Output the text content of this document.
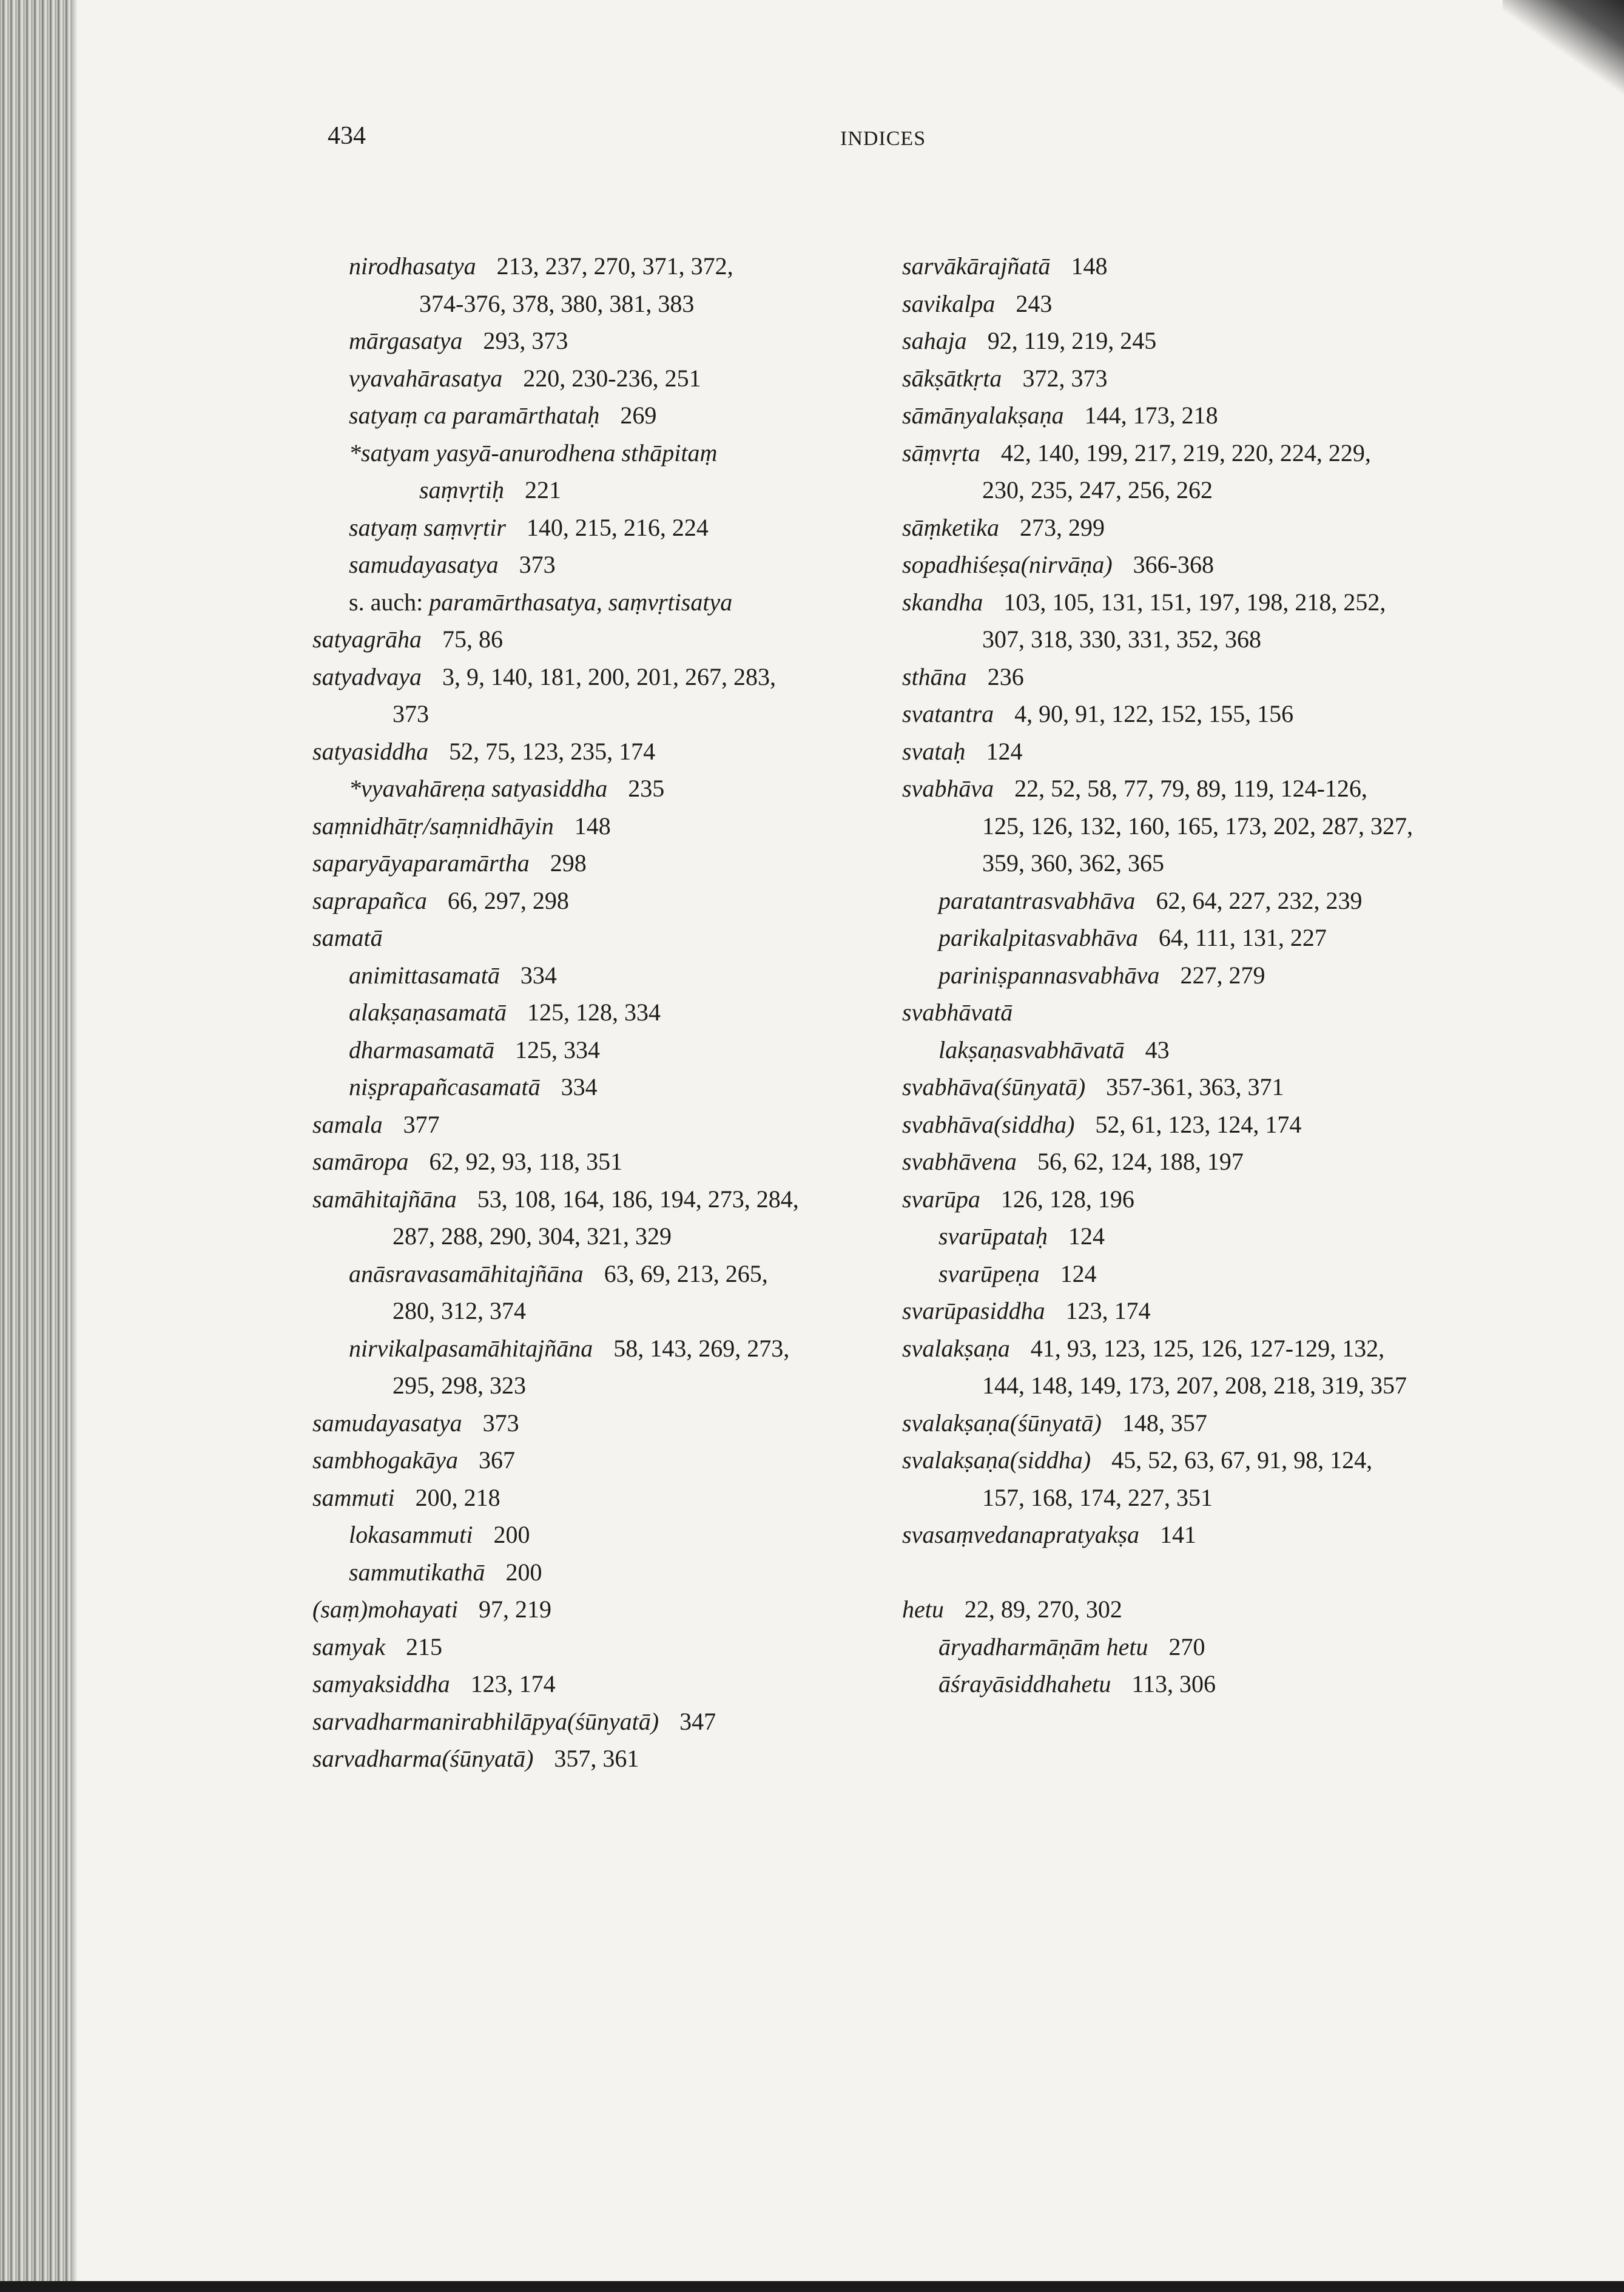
434	INDICES
nirodhasatya 213, 237, 270, 371, 372,
374-376, 378, 380, 381, 383
mārgasatya 293, 373
vyavahārasatya 220, 230-236, 251
satyaṃ ca paramārthataḥ 269
*satyam yasyā-anurodhena sthāpitaṃ
saṃvṛtiḥ 221
satyaṃ saṃvṛtir 140, 215, 216, 224
samudayasatya 373
s. auch: paramārthasatya, saṃvṛtisatya
satyagrāha 75, 86
satyadvaya 3, 9, 140, 181, 200, 201, 267, 283,
373
satyasiddha 52, 75, 123, 235, 174
*vyavahāreṇa satyasiddha 235
saṃnidhātṛ/saṃnidhāyin 148
saparyāyaparamārtha 298
saprapañca 66, 297, 298
samatā
animittasamatā 334
alakṣaṇasamatā 125, 128, 334
dharmasamatā 125, 334
niṣprapañcasamatā 334
samala 377
samāropa 62, 92, 93, 118, 351
samāhitajñāna 53, 108, 164, 186, 194, 273, 284,
287, 288, 290, 304, 321, 329
anāsravasamāhitajñāna 63, 69, 213, 265,
280, 312, 374
nirvikalpasamāhitajñāna 58, 143, 269, 273,
295, 298, 323
samudayasatya 373
sambhogakāya 367
sammuti 200, 218
lokasammuti 200
sammutikathā 200
(saṃ)mohayati 97, 219
samyak 215
samyaksiddha 123, 174
sarvadharmanirabhilāpya(śūnyatā) 347
sarvadharma(śūnyatā) 357, 361
sarvākārajñatā 148
savikalpa 243
sahaja 92, 119, 219, 245
sākṣātkṛta 372, 373
sāmānyalakṣaṇa 144, 173, 218
sāṃvṛta 42, 140, 199, 217, 219, 220, 224, 229,
230, 235, 247, 256, 262
sāṃketika 273, 299
sopadhiśeṣa(nirvāṇa) 366-368
skandha 103, 105, 131, 151, 197, 198, 218, 252,
307, 318, 330, 331, 352, 368
sthāna 236
svatantra 4, 90, 91, 122, 152, 155, 156
svataḥ 124
svabhāva 22, 52, 58, 77, 79, 89, 119, 124-126,
125, 126, 132, 160, 165, 173, 202, 287, 327,
359, 360, 362, 365
paratantrasvabhāva 62, 64, 227, 232, 239
parikalpitasvabhāva 64, 111, 131, 227
pariniṣpannasvabhāva 227, 279
svabhāvatā
lakṣaṇasvabhāvatā 43
svabhāva(śūnyatā) 357-361, 363, 371
svabhāva(siddha) 52, 61, 123, 124, 174
svabhāvena 56, 62, 124, 188, 197
svarūpa 126, 128, 196
svarūpataḥ 124
svarūpeṇa 124
svarūpasiddha 123, 174
svalakṣaṇa 41, 93, 123, 125, 126, 127-129, 132,
144, 148, 149, 173, 207, 208, 218, 319, 357
svalakṣaṇa(śūnyatā) 148, 357
svalakṣaṇa(siddha) 45, 52, 63, 67, 91, 98, 124,
157, 168, 174, 227, 351
svasaṃvedanapratyakṣa 141
hetu 22, 89, 270, 302
āryadharmāṇām hetu 270
āśrayāsiddhahetu 113, 306
